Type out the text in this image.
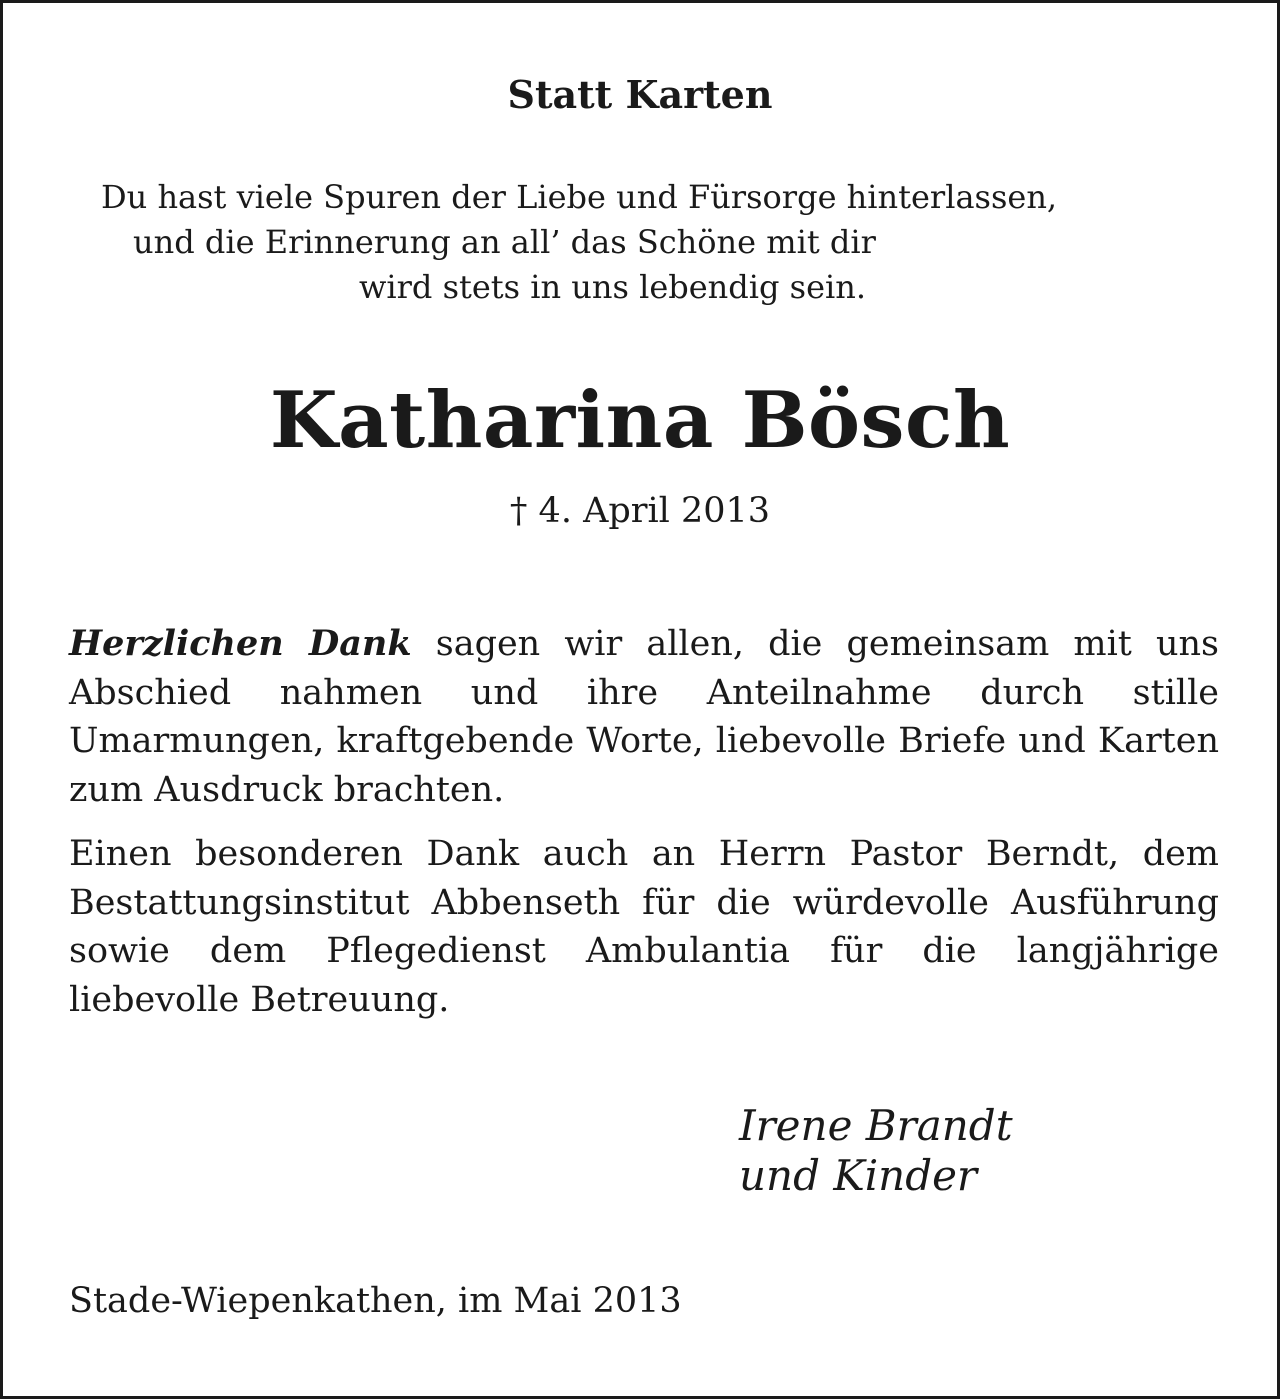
Statt Karten
Du hast viele Spuren der Liebe und Fürsorge hinterlassen,
und die Erinnerung an all’ das Schöne mit dir
wird stets in uns lebendig sein.
Katharina Bösch
† 4. April 2013

Herzlichen Dank sagen wir allen, die gemeinsam mit uns Abschied nahmen und ihre Anteilnahme durch stille Umarmungen, kraftgebende Worte, liebevolle Briefe und Karten zum Ausdruck brachten.

Einen besonderen Dank auch an Herrn Pastor Berndt, dem Bestattungsinstitut Abbenseth für die würdevolle Ausführung sowie dem Pflegedienst Ambulantia für die langjährige liebevolle Betreuung.

Irene Brandt
und Kinder
Stade-Wiepenkathen, im Mai 2013
